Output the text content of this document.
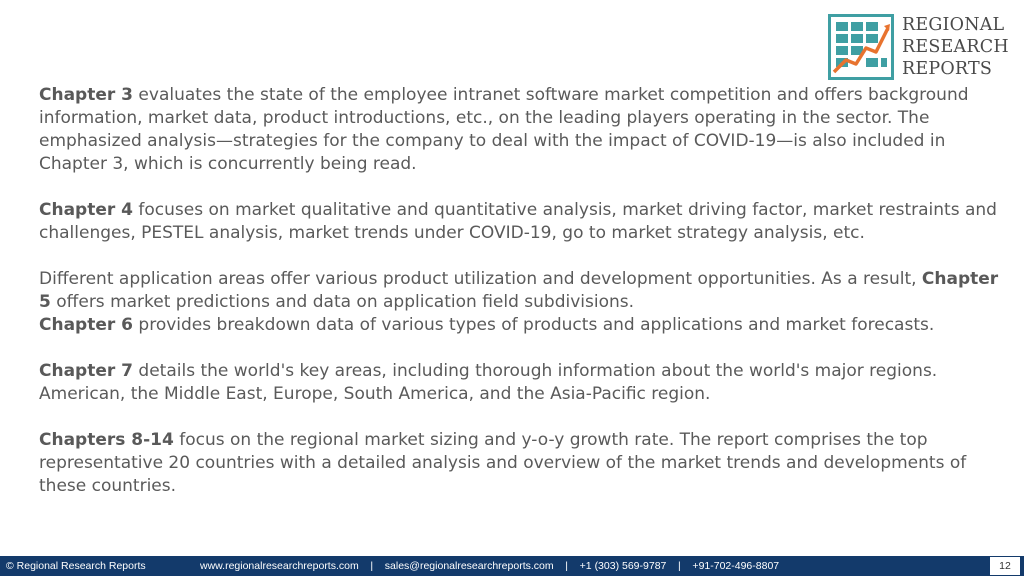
REGIONAL
RESEARCH
REPORTS

Chapter 3 evaluates the state of the employee intranet software market competition and offers background information, market data, product introductions, etc., on the leading players operating in the sector. The emphasized analysis—strategies for the company to deal with the impact of COVID-19—is also included in Chapter 3, which is concurrently being read.

Chapter 4 focuses on market qualitative and quantitative analysis, market driving factor, market restraints and challenges, PESTEL analysis, market trends under COVID-19, go to market strategy analysis, etc.

Different application areas offer various product utilization and development opportunities. As a result, Chapter 5 offers market predictions and data on application field subdivisions.

Chapter 6 provides breakdown data of various types of products and applications and market forecasts.

Chapter 7 details the world's key areas, including thorough information about the world's major regions. American, the Middle East, Europe, South America, and the Asia-Pacific region.

Chapters 8-14 focus on the regional market sizing and y-o-y growth rate. The report comprises the top representative 20 countries with a detailed analysis and overview of the market trends and developments of these countries.

© Regional Research Reports	www.regionalresearchreports.com    |    sales@regionalresearchreports.com    |    +1 (303) 569-9787    |    +91-702-496-8807	12
